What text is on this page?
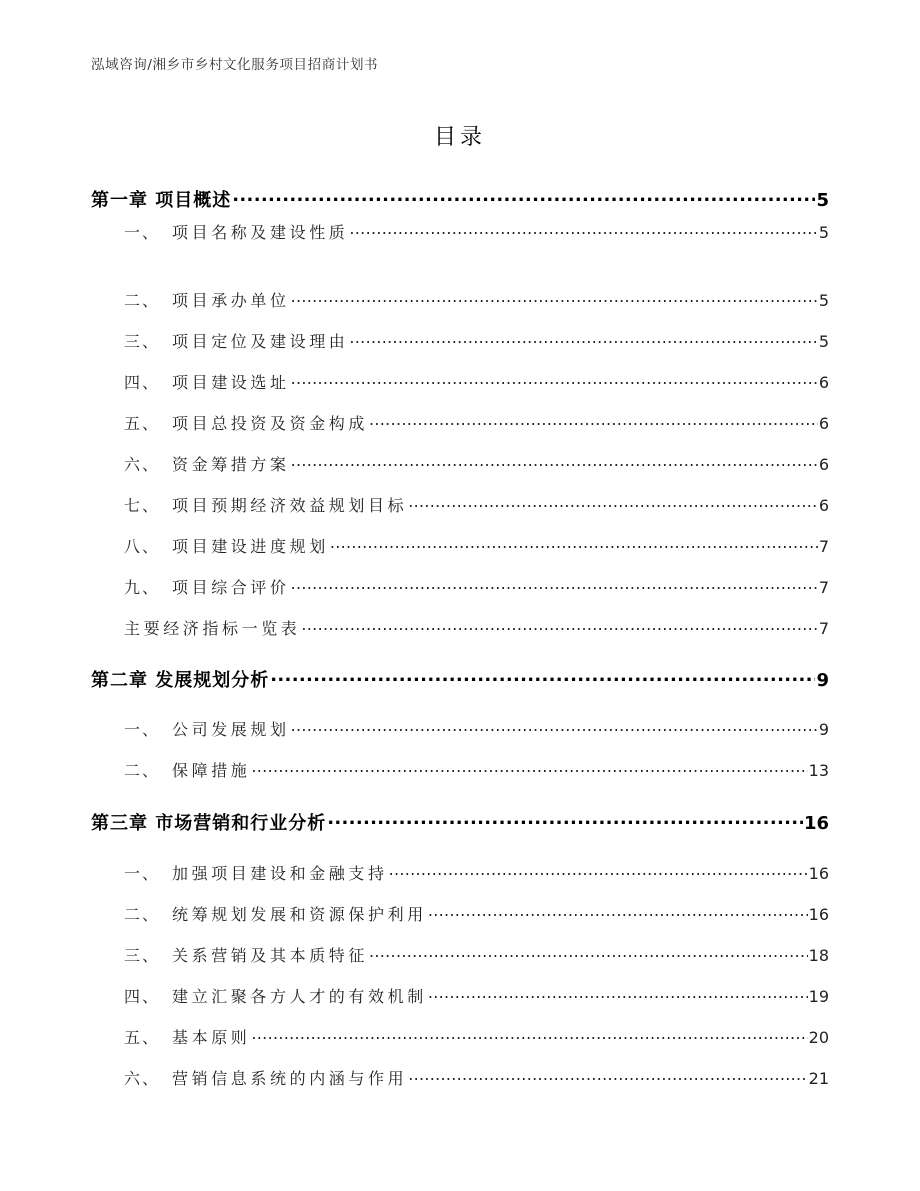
泓域咨询/湘乡市乡村文化服务项目招商计划书
目录
第一章 项目概述 .....	5
一、 项目名称及建设性质 .....	5
二、 项目承办单位 .....	5
三、 项目定位及建设理由 .....	5
四、 项目建设选址 .....	6
五、 项目总投资及资金构成 .....	6
六、 资金筹措方案 .....	6
七、 项目预期经济效益规划目标 .....	6
八、 项目建设进度规划 .....	7
九、 项目综合评价 .....	7
主要经济指标一览表 .....	7
第二章 发展规划分析 .....	9
一、 公司发展规划 .....	9
二、 保障措施 .....	13
第三章 市场营销和行业分析 .....	16
一、 加强项目建设和金融支持 .....	16
二、 统筹规划发展和资源保护利用 .....	16
三、 关系营销及其本质特征 .....	18
四、 建立汇聚各方人才的有效机制 .....	19
五、 基本原则 .....	20
六、 营销信息系统的内涵与作用 .....	21
